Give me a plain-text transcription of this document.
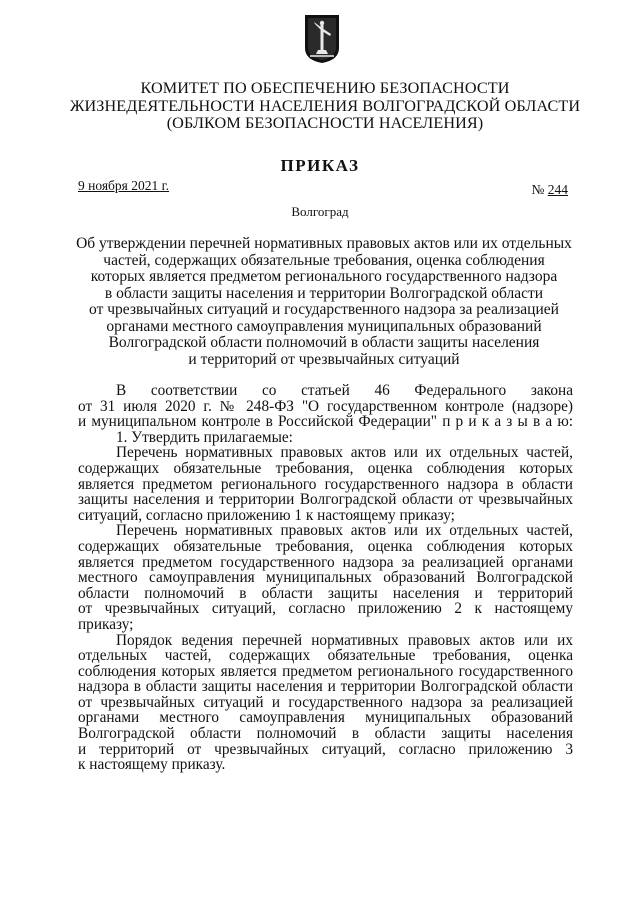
КОМИТЕТ ПО ОБЕСПЕЧЕНИЮ БЕЗОПАСНОСТИ
ЖИЗНЕДЕЯТЕЛЬНОСТИ НАСЕЛЕНИЯ ВОЛГОГРАДСКОЙ ОБЛАСТИ
(ОБЛКОМ БЕЗОПАСНОСТИ НАСЕЛЕНИЯ)
ПРИКАЗ
9 ноября 2021 г.	№ 244
Волгоград
Об утверждении перечней нормативных правовых актов или их отдельных
частей, содержащих обязательные требования, оценка соблюдения
которых является предметом регионального государственного надзора
в области защиты населения и территории Волгоградской области
от чрезвычайных ситуаций и государственного надзора за реализацией
органами местного самоуправления муниципальных образований
Волгоградской области полномочий в области защиты населения
и территорий от чрезвычайных ситуаций
В соответствии со статьей 46 Федерального закона
от 31 июля 2020 г. № 248-ФЗ "О государственном контроле (надзоре)
и муниципальном контроле в Российской Федерации" п р и к а з ы в а ю:
1. Утвердить прилагаемые:
Перечень нормативных правовых актов или их отдельных частей,
содержащих обязательные требования, оценка соблюдения которых
является предметом регионального государственного надзора в области
защиты населения и территории Волгоградской области от чрезвычайных
ситуаций, согласно приложению 1 к настоящему приказу;
Перечень нормативных правовых актов или их отдельных частей,
содержащих обязательные требования, оценка соблюдения которых
является предметом государственного надзора за реализацией органами
местного самоуправления муниципальных образований Волгоградской
области полномочий в области защиты населения и территорий
от чрезвычайных ситуаций, согласно приложению 2 к настоящему
приказу;
Порядок ведения перечней нормативных правовых актов или их
отдельных частей, содержащих обязательные требования, оценка
соблюдения которых является предметом регионального государственного
надзора в области защиты населения и территории Волгоградской области
от чрезвычайных ситуаций и государственного надзора за реализацией
органами местного самоуправления муниципальных образований
Волгоградской области полномочий в области защиты населения
и территорий от чрезвычайных ситуаций, согласно приложению 3
к настоящему приказу.
